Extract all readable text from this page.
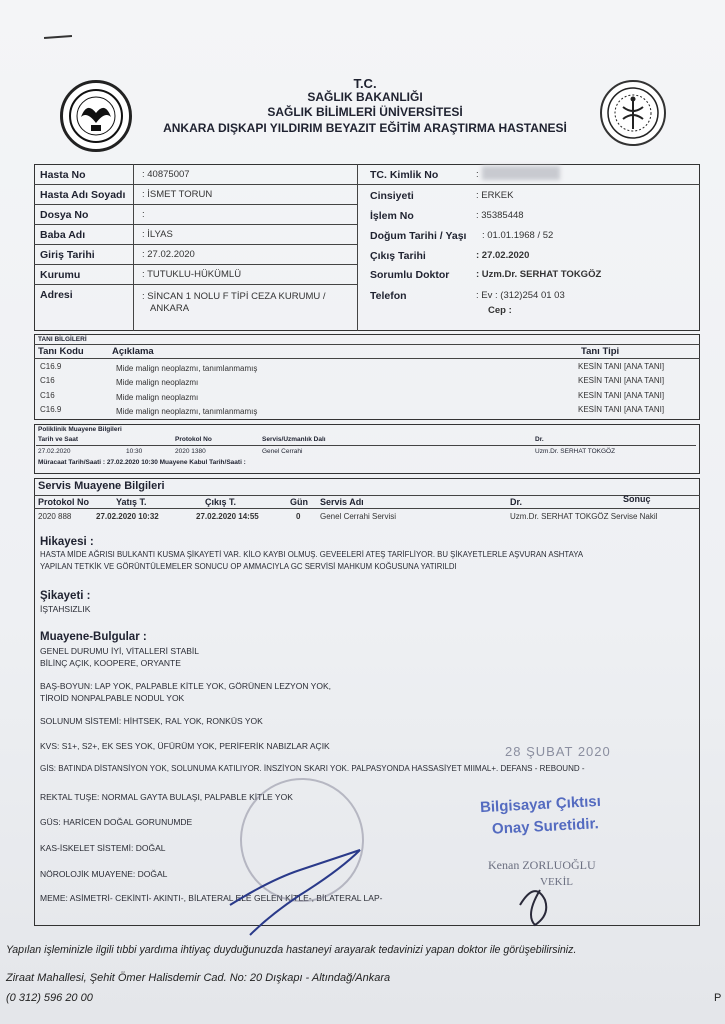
T.C.
SAĞLIK BAKANLIĞI
SAĞLIK BİLİMLERİ ÜNİVERSİTESİ
ANKARA DIŞKAPI YILDIRIM BEYAZIT EĞİTİM ARAŞTIRMA HASTANESİ
Hasta No	: 40875007
Hasta Adı Soyadı : İSMET TORUN
Dosya No	:
Baba Adı	: İLYAS
Giriş Tarihi	: 27.02.2020
Kurumu	: TUTUKLU-HÜKÜMLÜ
Adresi	: SİNCAN 1 NOLU F TİPİ CEZA KURUMU /
ANKARA
TC. Kimlik No	:
Cinsiyeti	: ERKEK
İşlem No	: 35385448
Doğum Tarihi / Yaşı : 01.01.1968 / 52
Çıkış Tarihi	: 27.02.2020
Sorumlu Doktor	: Uzm.Dr. SERHAT TOKGÖZ
Telefon	: Ev : (312)254 01 03
Cep :
TANI BİLGİLERİ
Tanı Kodu	Açıklama	Tanı Tipi
C16.9	Mide malign neoplazmı, tanımlanmamış	KESİN TANI [ANA TANI]
C16	Mide malign neoplazmı	KESİN TANI [ANA TANI]
C16	Mide malign neoplazmı	KESİN TANI [ANA TANI]
C16.9	Mide malign neoplazmı, tanımlanmamış	KESİN TANI [ANA TANI]
Poliklinik Muayene Bilgileri
Tarih ve Saat	Protokol No	Servis/Uzmanlık Dalı	Dr.
27.02.2020	10:30	2020 1380	Genel Cerrahi	Uzm.Dr. SERHAT TOKGÖZ
Müracaat Tarih/Saati : 27.02.2020 10:30 Muayene Kabul Tarih/Saati :
Servis Muayene Bilgileri
Protokol No	Yatış T.	Çıkış T.	Gün Servis Adı	Dr.	Sonuç
2020 888	27.02.2020 10:32	27.02.2020 14:55	0 Genel Cerrahi Servisi	Uzm.Dr. SERHAT TOKGÖZ Servise Nakil
Hikayesi :
HASTA MİDE AĞRISI BULKANTI KUSMA ŞİKAYETİ VAR. KİLO KAYBI OLMUŞ. GEVEELERİ ATEŞ TARİFLİYOR. BU ŞİKAYETLERLE AŞVURAN ASHTAYA
YAPILAN TETKİK VE GÖRÜNTÜLEMELER SONUCU OP AMMACIYLA GC SERVİSİ MAHKUM KOĞUSUNA YATIRILDI
Şikayeti :
İŞTAHSIZLIK
Muayene-Bulgular :
GENEL DURUMU İYİ, VİTALLERİ STABİL
BİLİNÇ AÇIK, KOOPERE, ORYANTE
BAŞ-BOYUN: LAP YOK, PALPABLE KİTLE YOK, GÖRÜNEN LEZYON YOK,
TİROİD NONPALPABLE NODUL YOK
SOLUNUM SİSTEMİ: HİHTSEK, RAL YOK, RONKÜS YOK
KVS: S1+, S2+, EK SES YOK, ÜFÜRÜM YOK, PERİFERİK NABIZLAR AÇIK
GİS: BATINDA DİSTANSİYON YOK, SOLUNUMA KATILIYOR. İNSZİYON SKARI YOK. PALPASYONDA HASSASİYET MIIMAL+. DEFANS - REBOUND -
REKTAL TUŞE: NORMAL GAYTA BULAŞI, PALPABLE KİTLE YOK
GÜS: HARİCEN DOĞAL GORUNUMDE
KAS-İSKELET SİSTEMİ: DOĞAL
NÖROLOJİK MUAYENE: DOĞAL
MEME: ASİMETRİ- CEKİNTİ- AKINTI-, BİLATERAL ELE GELEN KİTLE-, BİLATERAL LAP-
28 ŞUBAT 2020
Bilgisayar Çıktısı
Onay Suretidir.
Kenan ZORLUOĞLU
VEKİL
Yapılan işleminizle ilgili tıbbi yardıma ihtiyaç duyduğunuzda hastaneyi arayarak tedavinizi yapan doktor ile görüşebilirsiniz.
Ziraat Mahallesi, Şehit Ömer Halisdemir Cad. No: 20 Dışkapı - Altındağ/Ankara
(0 312) 596 20 00	P
